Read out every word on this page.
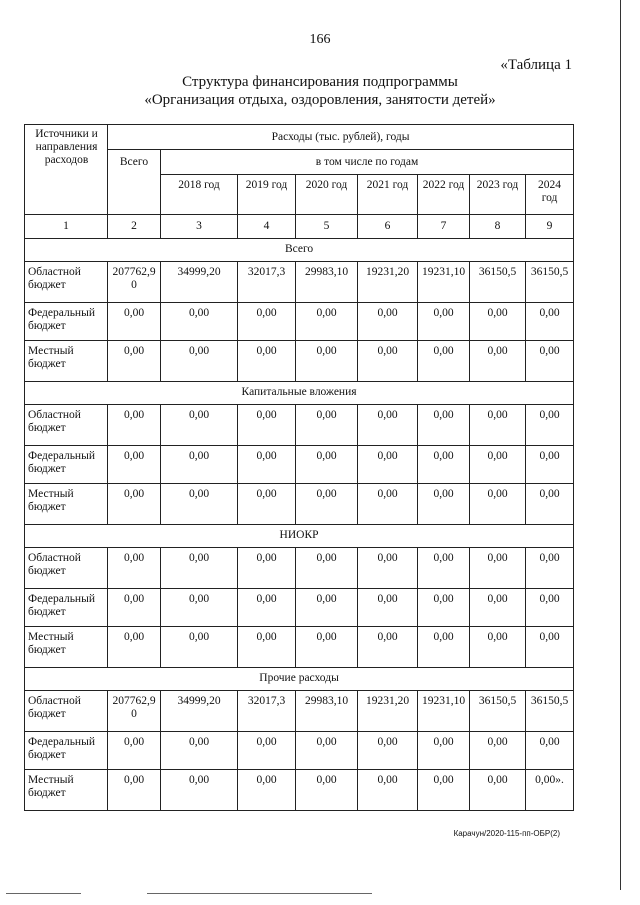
166
«Таблица 1
Структура финансирования подпрограммы
«Организация отдыха, оздоровления, занятости детей»
Источники и направления расходов	Расходы (тыс. рублей), годы							
	Всего	в том числе по годам						
		2018 год	2019 год	2020 год	2021 год	2022 год	2023 год	2024 год
1	2	3	4	5	6	7	8	9
Всего								
Областной бюджет	207762,90	34999,20	32017,3	29983,10	19231,20	19231,10	36150,5	36150,5
Федеральный бюджет	0,00	0,00	0,00	0,00	0,00	0,00	0,00	0,00
Местный бюджет	0,00	0,00	0,00	0,00	0,00	0,00	0,00	0,00
Капитальные вложения								
Областной бюджет	0,00	0,00	0,00	0,00	0,00	0,00	0,00	0,00
Федеральный бюджет	0,00	0,00	0,00	0,00	0,00	0,00	0,00	0,00
Местный бюджет	0,00	0,00	0,00	0,00	0,00	0,00	0,00	0,00
НИОКР								
Областной бюджет	0,00	0,00	0,00	0,00	0,00	0,00	0,00	0,00
Федеральный бюджет	0,00	0,00	0,00	0,00	0,00	0,00	0,00	0,00
Местный бюджет	0,00	0,00	0,00	0,00	0,00	0,00	0,00	0,00
Прочие расходы								
Областной бюджет	207762,90	34999,20	32017,3	29983,10	19231,20	19231,10	36150,5	36150,5
Федеральный бюджет	0,00	0,00	0,00	0,00	0,00	0,00	0,00	0,00
Местный бюджет	0,00	0,00	0,00	0,00	0,00	0,00	0,00	0,00».
Карачун/2020-115-пп-ОБР(2)
